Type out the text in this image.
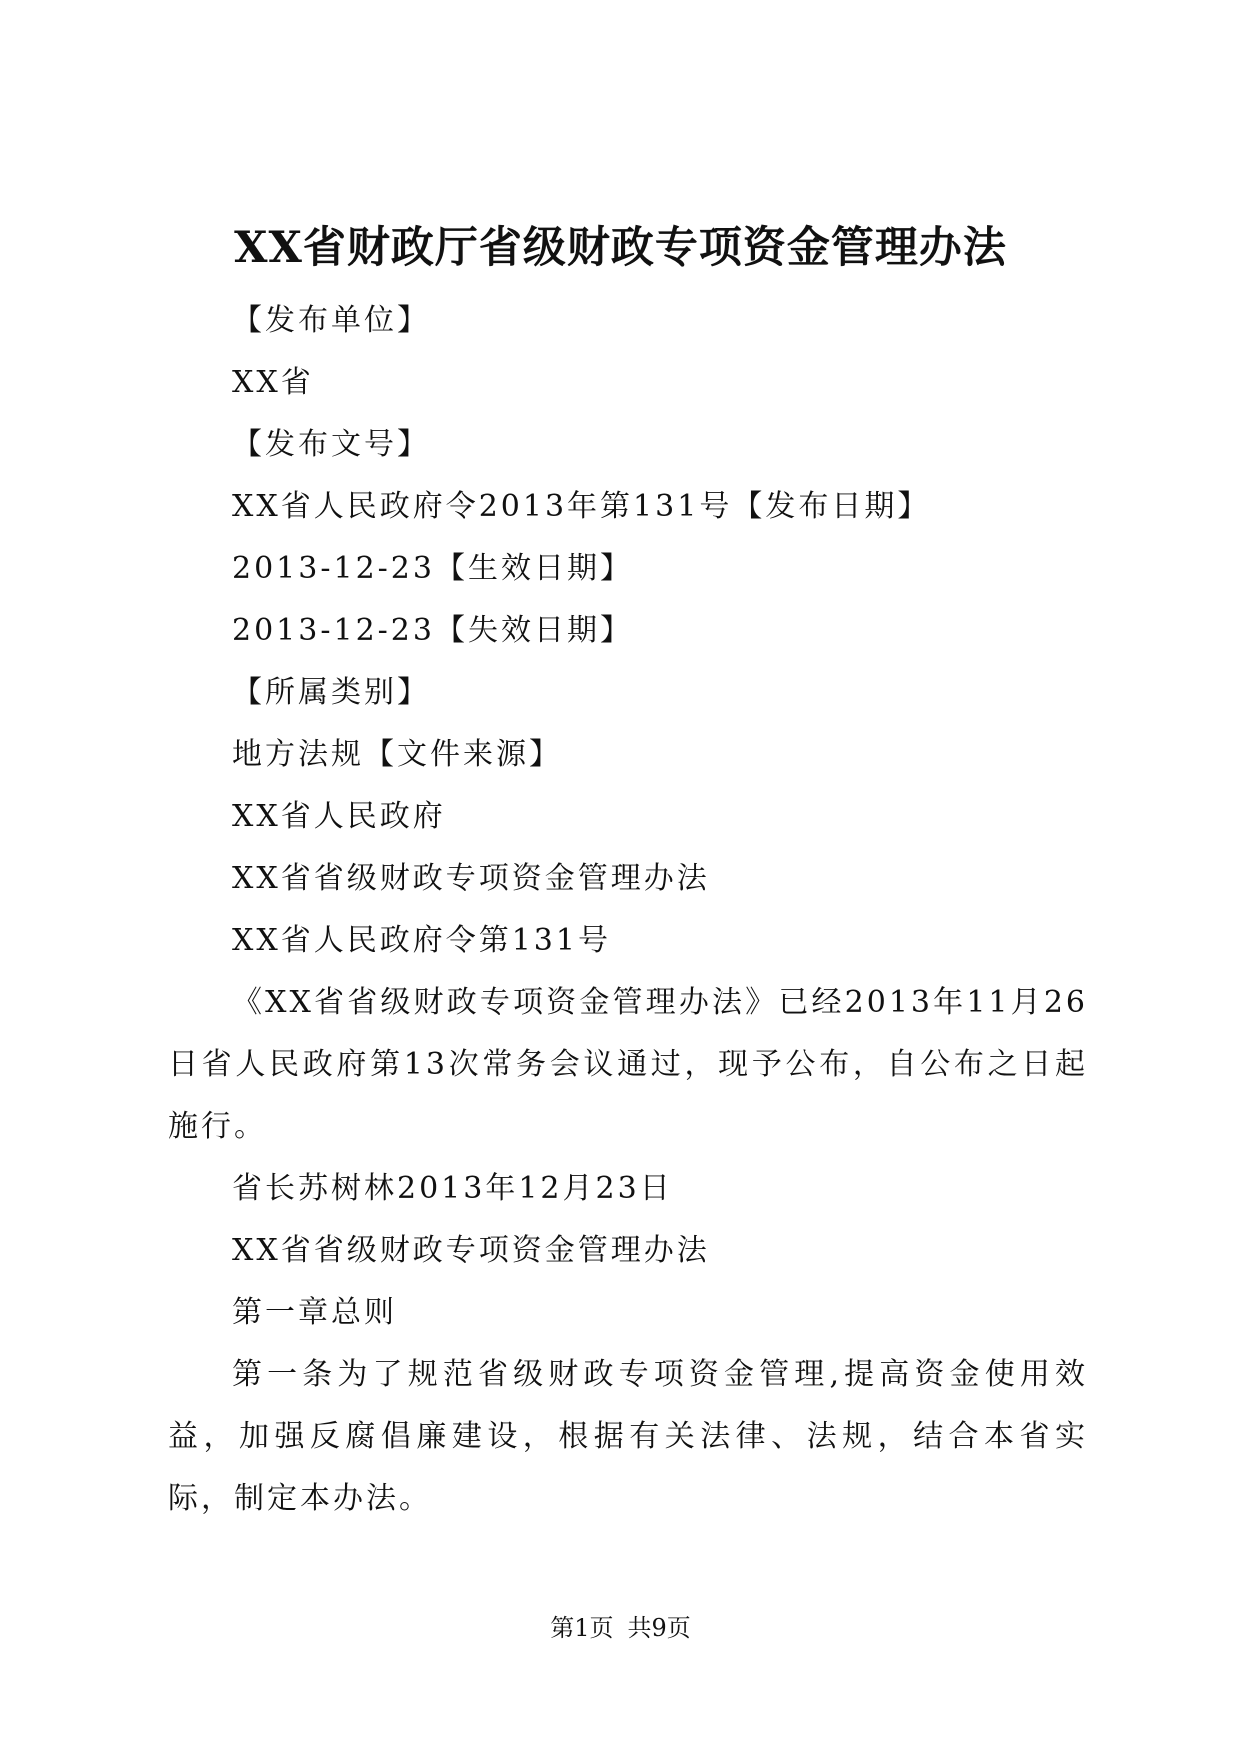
XX省财政厅省级财政专项资金管理办法
【发布单位】
XX省
【发布文号】
XX省人民政府令2013年第131号【发布日期】
2013-12-23【生效日期】
2013-12-23【失效日期】
【所属类别】
地方法规【文件来源】
XX省人民政府
XX省省级财政专项资金管理办法
XX省人民政府令第131号
《XX省省级财政专项资金管理办法》已经2013年11月26日省人民政府第13次常务会议通过，现予公布，自公布之日起施行。
省长苏树林2013年12月23日
XX省省级财政专项资金管理办法
第一章总则
第一条为了规范省级财政专项资金管理,提高资金使用效益，加强反腐倡廉建设，根据有关法律、法规，结合本省实际，制定本办法。
第1页 共9页
